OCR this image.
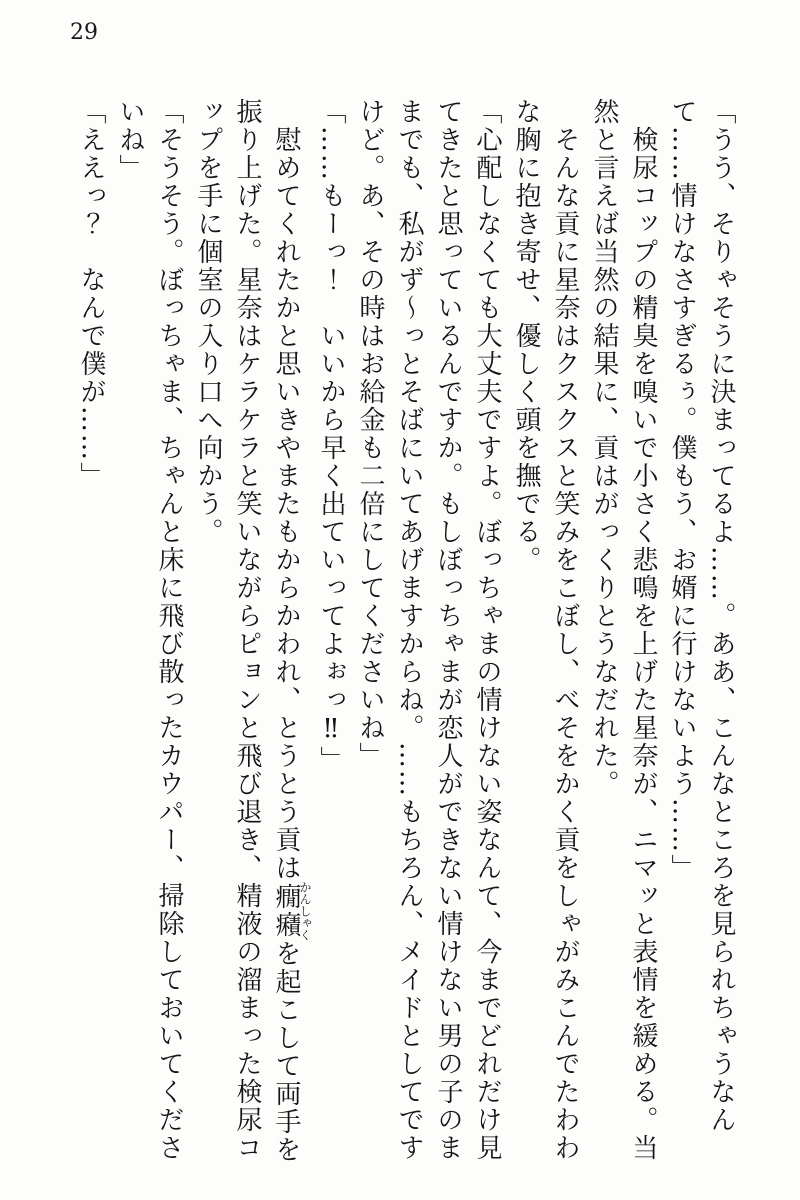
29

「うう、そりゃそうに決まってるよ……。ああ、こんなところを見られちゃうなんて……情けなさすぎるぅ。僕もう、お婿に行けないよう……」

検尿コップの精臭を嗅いで小さく悲鳴を上げた星奈が、ニマッと表情を緩める。当然と言えば当然の結果に、貢はがっくりとうなだれた。

そんな貢に星奈はクスクスと笑みをこぼし、べそをかく貢をしゃがみこんでたわわな胸に抱き寄せ、優しく頭を撫でる。

「心配しなくても大丈夫ですよ。ぼっちゃまの情けない姿なんて、今までどれだけ見てきたと思っているんですか。もしぼっちゃまが恋人ができない情けない男の子のままでも、私がず〜っとそばにいてあげますからね。……もちろん、メイドとしてですけど。あ、その時はお給金も二倍にしてくださいね」

「……もーっ！　いいから早く出ていってよぉっ‼」

慰めてくれたかと思いきやまたもからかわれ、とうとう貢は癇癪かんしゃくを起こして両手を振り上げた。星奈はケラケラと笑いながらピョンと飛び退き、精液の溜まった検尿コップを手に個室の入り口へ向かう。

「そうそう。ぼっちゃま、ちゃんと床に飛び散ったカウパー、掃除しておいてくださいね」

「ええっ？　なんで僕が……」
